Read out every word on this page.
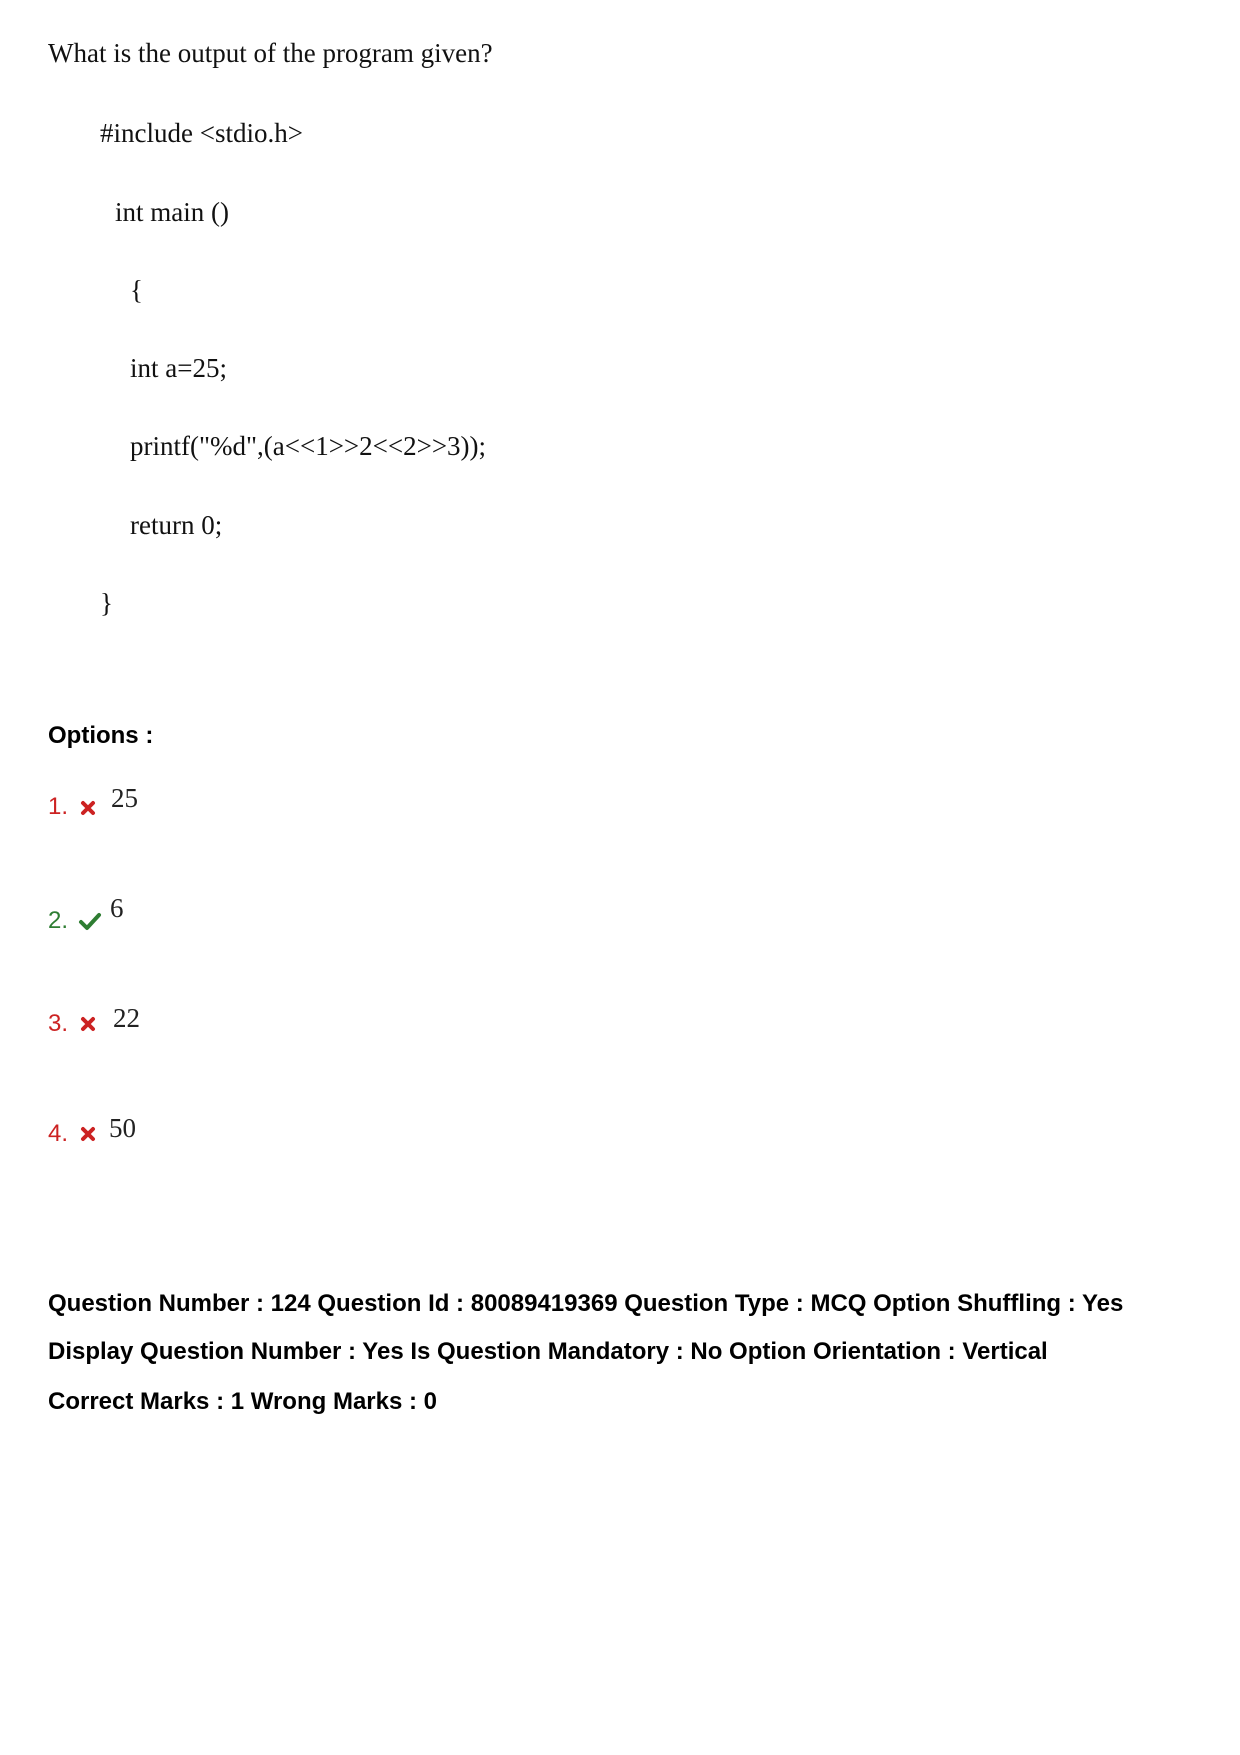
What is the output of the program given?
#include <stdio.h>
int main ()
{
int a=25;
printf("%d",(a<<1>>2<<2>>3));
return 0;
}
Options :
1. 25
2. 6
3. 22
4. 50
Question Number : 124 Question Id : 80089419369 Question Type : MCQ Option Shuffling : Yes
Display Question Number : Yes Is Question Mandatory : No Option Orientation : Vertical
Correct Marks : 1 Wrong Marks : 0
